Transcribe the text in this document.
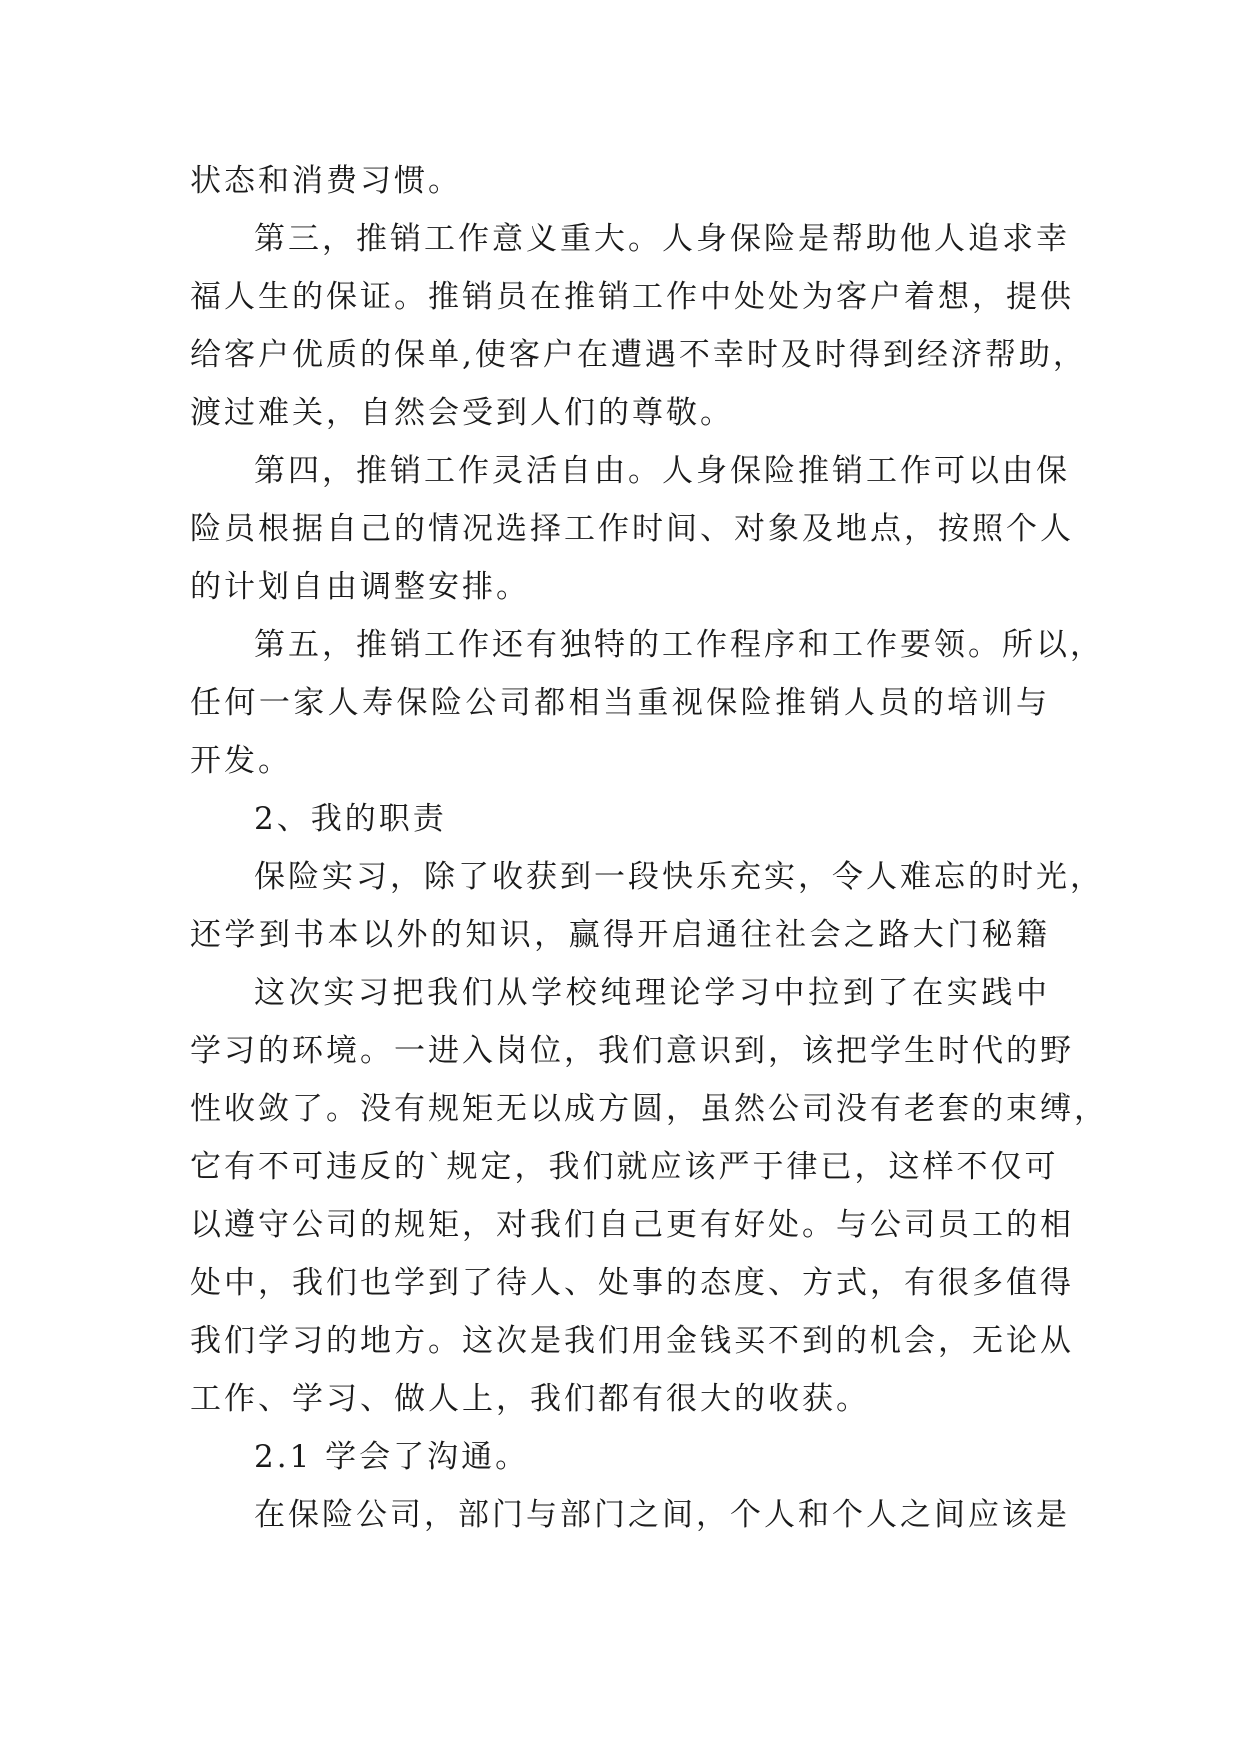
状态和消费习惯。

第三，推销工作意义重大。人身保险是帮助他人追求幸

福人生的保证。推销员在推销工作中处处为客户着想，提供

给客户优质的保单,使客户在遭遇不幸时及时得到经济帮助，

渡过难关，自然会受到人们的尊敬。

第四，推销工作灵活自由。人身保险推销工作可以由保

险员根据自己的情况选择工作时间、对象及地点，按照个人

的计划自由调整安排。

第五，推销工作还有独特的工作程序和工作要领。所以，

任何一家人寿保险公司都相当重视保险推销人员的培训与

开发。

2、我的职责

保险实习，除了收获到一段快乐充实，令人难忘的时光，

还学到书本以外的知识，赢得开启通往社会之路大门秘籍

这次实习把我们从学校纯理论学习中拉到了在实践中

学习的环境。一进入岗位，我们意识到，该把学生时代的野

性收敛了。没有规矩无以成方圆，虽然公司没有老套的束缚，

它有不可违反的`规定，我们就应该严于律已，这样不仅可

以遵守公司的规矩，对我们自己更有好处。与公司员工的相

处中，我们也学到了待人、处事的态度、方式，有很多值得

我们学习的地方。这次是我们用金钱买不到的机会，无论从

工作、学习、做人上，我们都有很大的收获。

2.1 学会了沟通。

在保险公司，部门与部门之间，个人和个人之间应该是
